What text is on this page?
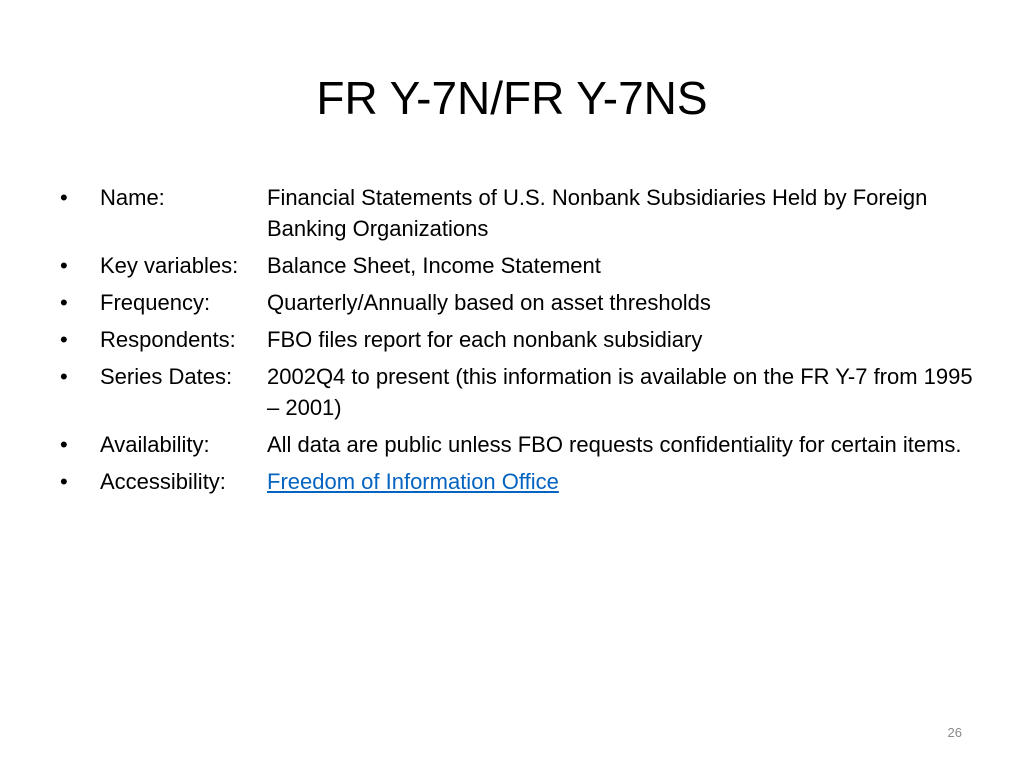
FR Y-7N/FR Y-7NS
•	Name:	Financial Statements of U.S. Nonbank Subsidiaries Held by Foreign Banking Organizations
•	Key variables:	Balance Sheet, Income Statement
•	Frequency:	Quarterly/Annually based on asset thresholds
•	Respondents:	FBO files report for each nonbank subsidiary
•	Series Dates:	2002Q4 to present (this information is available on the FR Y-7 from 1995 – 2001)
•	Availability:	All data are public unless FBO requests confidentiality for certain items.
•	Accessibility:	Freedom of Information Office
26
